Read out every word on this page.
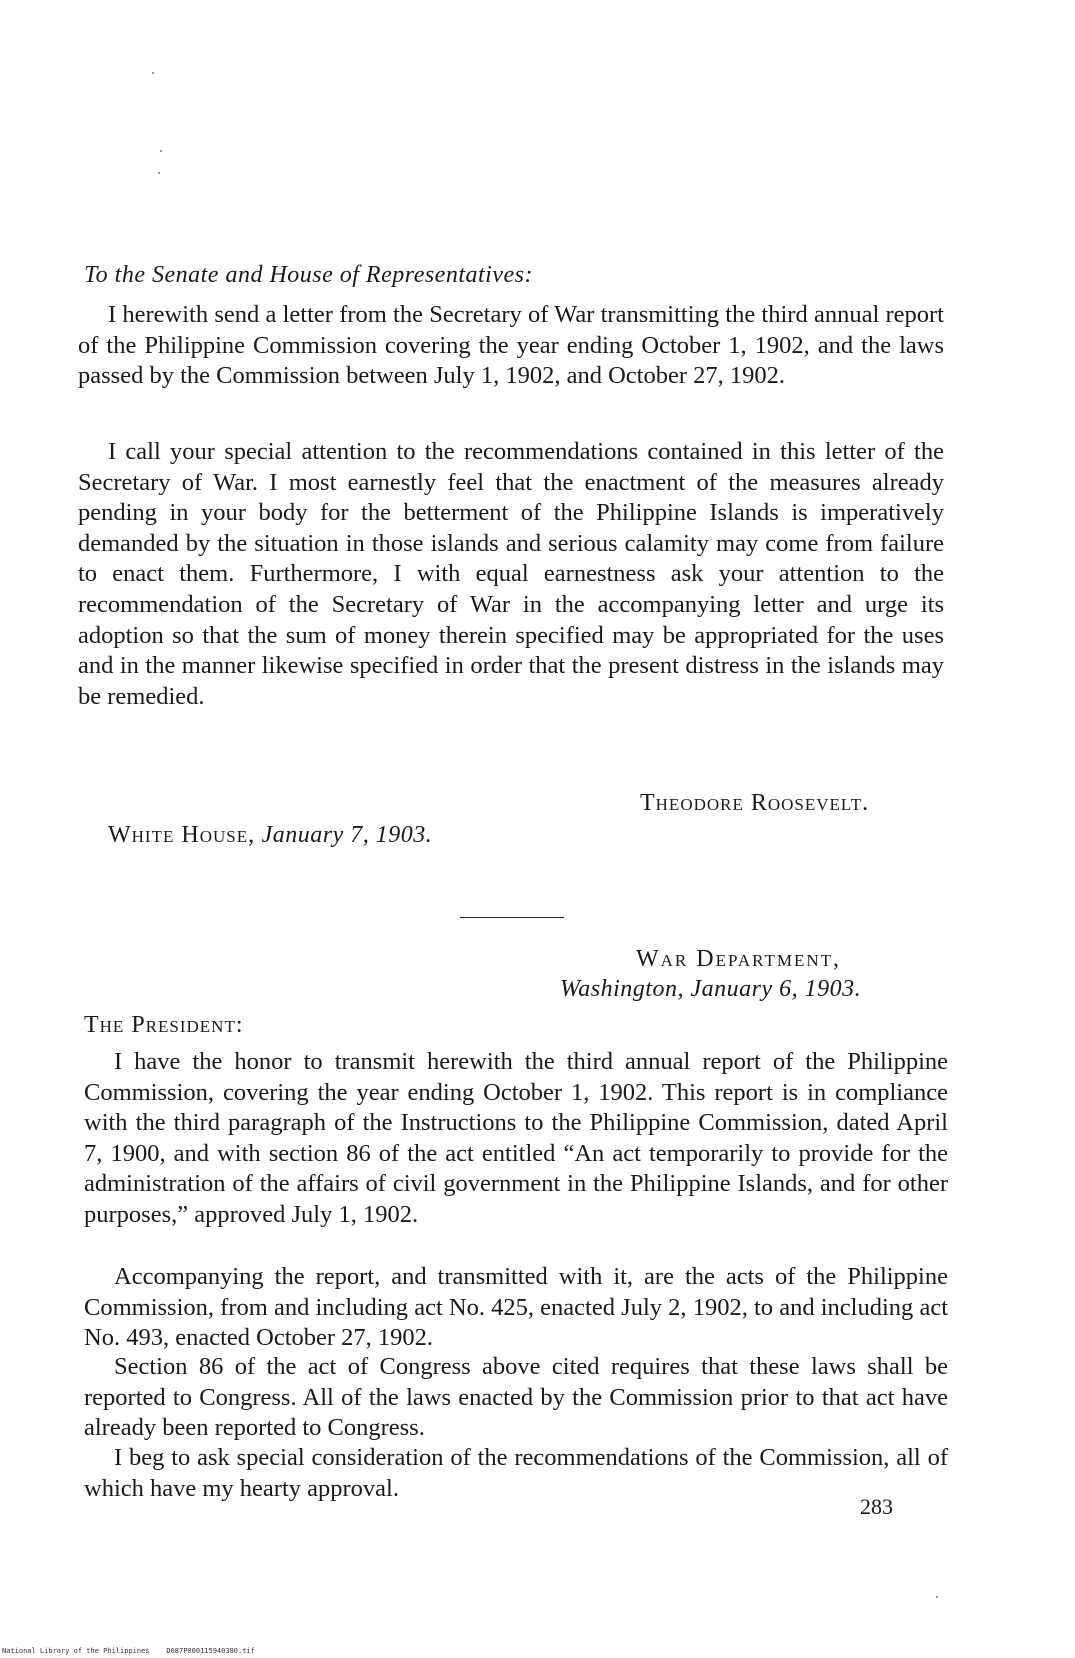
To the Senate and House of Representatives:

I herewith send a letter from the Secretary of War transmitting the third annual report of the Philippine Commission covering the year ending October 1, 1902, and the laws passed by the Commission between July 1, 1902, and October 27, 1902.

I call your special attention to the recommendations contained in this letter of the Secretary of War. I most earnestly feel that the enactment of the measures already pending in your body for the betterment of the Philippine Islands is imperatively demanded by the situation in those islands and serious calamity may come from failure to enact them. Furthermore, I with equal earnestness ask your attention to the recommendation of the Secretary of War in the accompanying letter and urge its adoption so that the sum of money therein specified may be appropriated for the uses and in the manner likewise specified in order that the present distress in the islands may be remedied.

Theodore Roosevelt.
White House, January 7, 1903.
War Department,
Washington, January 6, 1903.
The President:

I have the honor to transmit herewith the third annual report of the Philippine Commission, covering the year ending October 1, 1902. This report is in compliance with the third paragraph of the Instructions to the Philippine Commission, dated April 7, 1900, and with section 86 of the act entitled “An act temporarily to provide for the administration of the affairs of civil government in the Philippine Islands, and for other purposes,” approved July 1, 1902.

Accompanying the report, and transmitted with it, are the acts of the Philippine Commission, from and including act No. 425, enacted July 2, 1902, to and including act No. 493, enacted October 27, 1902.

Section 86 of the act of Congress above cited requires that these laws shall be reported to Congress. All of the laws enacted by the Commission prior to that act have already been reported to Congress.

I beg to ask special consideration of the recommendations of the Commission, all of which have my hearty approval.

283
National Library of the Philippines    D087P000115940380.tif
